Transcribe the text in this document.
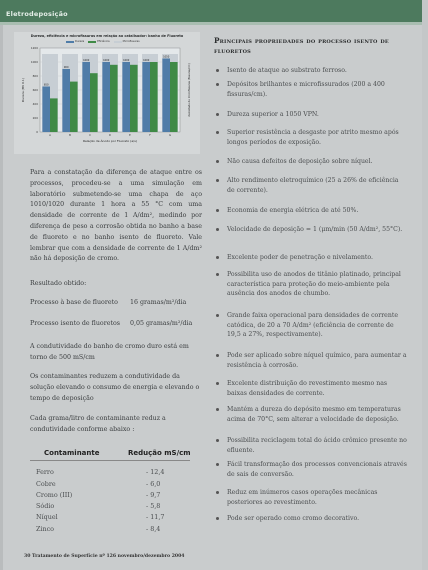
Eletrodeposição
Dureza, eficiência e microfissuras em relação ao catalisador: banho de Fluoreto
Dureza	Eficiência	Microfissuras
0
200
400
600
800
1000
1200
650
A
900
B
1000
C
1000
D
1000
E
1000
F
1050
G
Relação de Ânodo por Fluoreto (a/s)
Dureza (HV 0.1)	densidade de microfissuras (fissuras/cm)
Para a constatação da diferença de ataque entre os processos, procedeu-se a uma simulação em laboratório submetendo-se uma chapa de aço 1010/1020 durante 1 hora a 55 °C com uma densidade de corrente de 1 A/dm², medindo por diferença de peso a corrosão obtida no banho a base de fluoreto e no banho isento de fluoreto. Vale lembrar que com a densidade de corrente de 1 A/dm² não há deposição de cromo.
Resultado obtido:
Processo à base de fluoreto	16 gramas/m²/dia
Processo isento de fluoretos	0,05 gramas/m²/dia
A condutividade do banho de cromo duro está em torno de 500 mS/cm
Os contaminantes reduzem a condutividade da solução elevando o consumo de energia e elevando o tempo de deposição
Cada grama/litro de contaminante reduz a condutividade conforme abaixo :
Contaminante	Redução mS/cm
Ferro	- 12,4
Cobre	- 6,0
Cromo (III)	- 9,7
Sódio	- 5,8
Níquel	- 11,7
Zinco	- 8,4
Principais propriedades do processo isento de fluoretos
Isento de ataque ao substrato ferroso.
Depósitos brilhantes e microfissurados (200 a 400 fissuras/cm).
Dureza superior a 1050 VPN.
Superior resistência a desgaste por atrito mesmo após longos períodos de exposição.
Não causa defeitos de deposição sobre níquel.
Alto rendimento eletroquímico (25 a 26% de eficiência de corrente).
Economia de energia elétrica de até 50%.
Velocidade de deposição = 1 (μm/min (50 A/dm², 55°C).
Excelente poder de penetração e nivelamento.
Possibilita uso de anodos de titânio platinado, principal característica para proteção do meio-ambiente pela ausência dos anodos de chumbo.
Grande faixa operacional para densidades de corrente catódica, de 20 a 70 A/dm² (eficiência de corrente de 19,5 a 27%, respectivamente).
Pode ser aplicado sobre níquel químico, para aumentar a resistência à corrosão.
Excelente distribuição do revestimento mesmo nas baixas densidades de corrente.
Mantém a dureza do depósito mesmo em temperaturas acima de 70°C, sem alterar a velocidade de deposição.
Possibilita reciclagem total do ácido crômico presente no efluente.
Fácil transformação dos processos convencionais através de sais de conversão.
Reduz em inúmeros casos operações mecânicas posteriores ao revestimento.
Pode ser operado como cromo decorativo.
30 Tratamento de Superfície nº 126 novembro/dezembro 2004
